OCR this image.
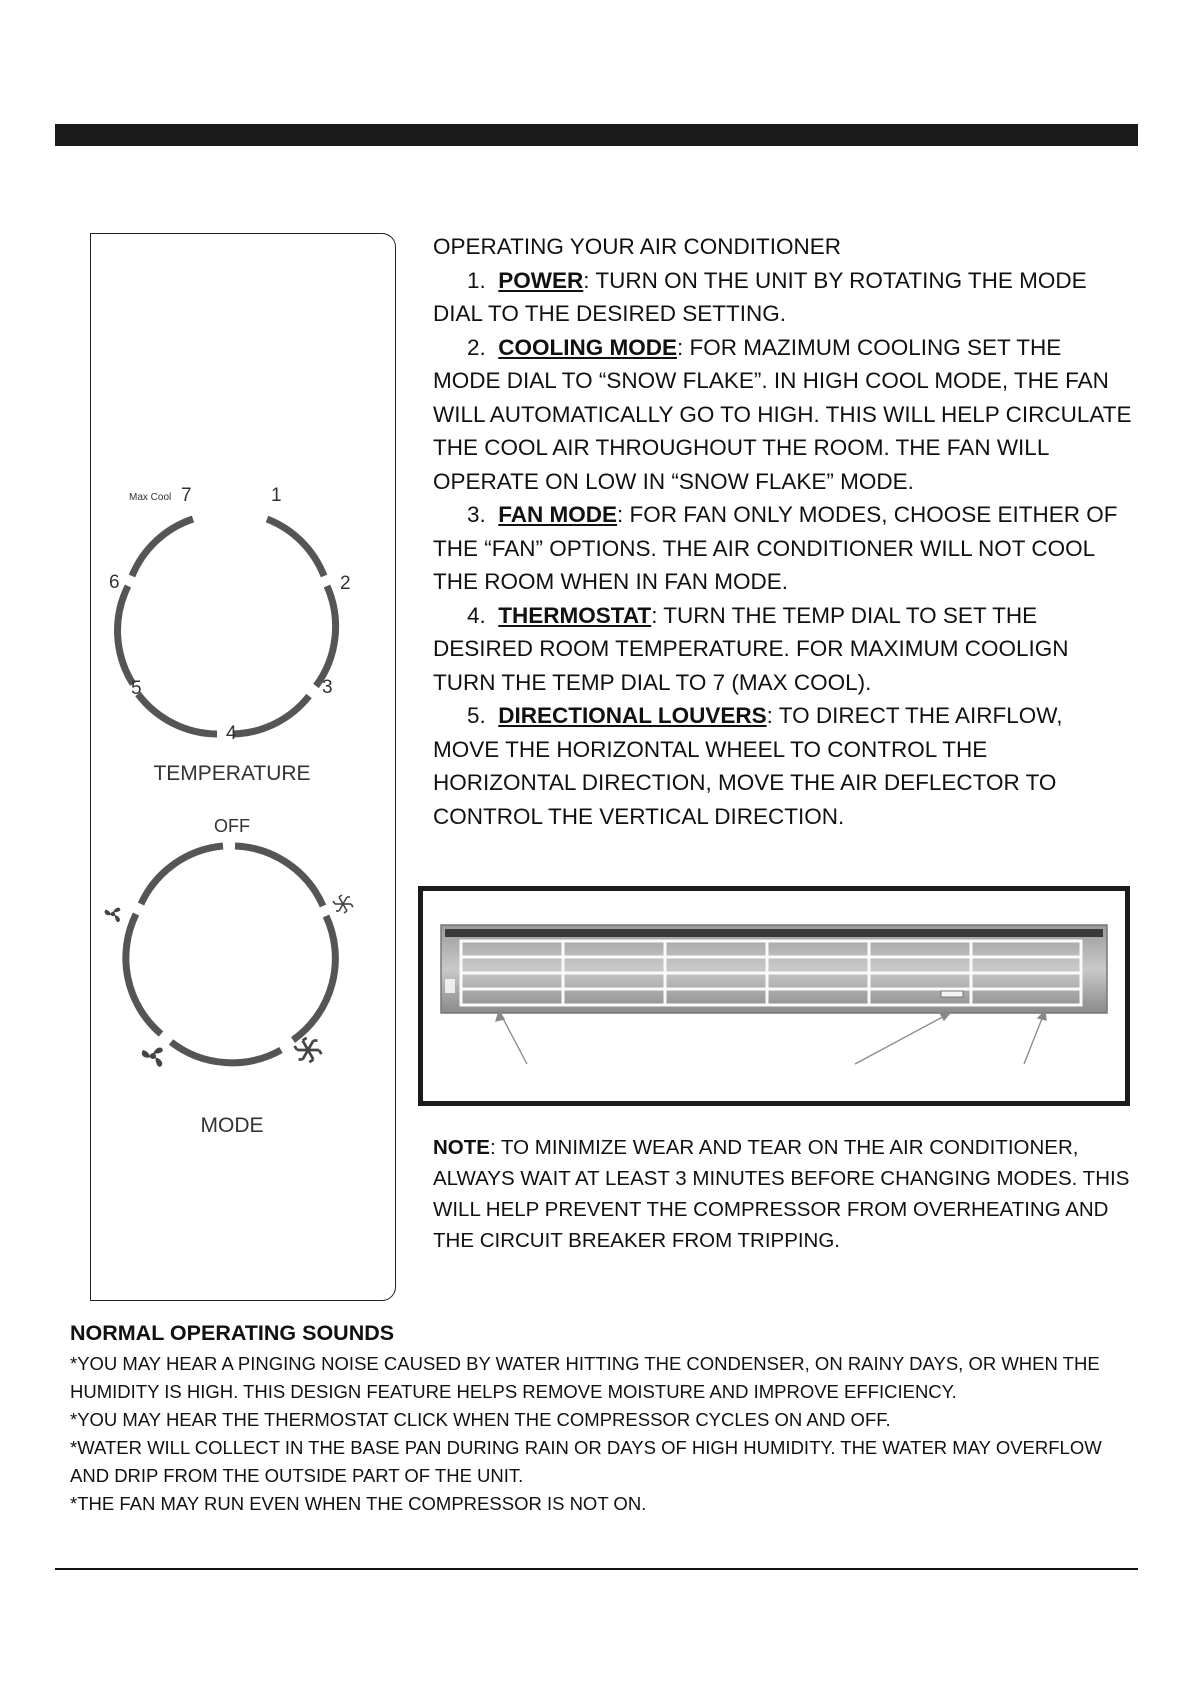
Max Cool	1
2
3
4
5
6
7
TEMPERATURE
OFF
MODE

OPERATING YOUR AIR CONDITIONER

1. POWER: TURN ON THE UNIT BY ROTATING THE MODE DIAL TO THE DESIRED SETTING.

2. COOLING MODE: FOR MAZIMUM COOLING SET THE MODE DIAL TO “SNOW FLAKE”. IN HIGH COOL MODE, THE FAN WILL AUTOMATICALLY GO TO HIGH. THIS WILL HELP CIRCULATE THE COOL AIR THROUGHOUT THE ROOM. THE FAN WILL OPERATE ON LOW IN “SNOW FLAKE” MODE.

3. FAN MODE: FOR FAN ONLY MODES, CHOOSE EITHER OF THE “FAN” OPTIONS. THE AIR CONDITIONER WILL NOT COOL THE ROOM WHEN IN FAN MODE.

4. THERMOSTAT: TURN THE TEMP DIAL TO SET THE DESIRED ROOM TEMPERATURE. FOR MAXIMUM COOLIGN TURN THE TEMP DIAL TO 7 (MAX COOL).

5. DIRECTIONAL LOUVERS: TO DIRECT THE AIRFLOW, MOVE THE HORIZONTAL WHEEL TO CONTROL THE HORIZONTAL DIRECTION, MOVE THE AIR DEFLECTOR TO CONTROL THE VERTICAL DIRECTION.

NOTE: TO MINIMIZE WEAR AND TEAR ON THE AIR CONDITIONER, ALWAYS WAIT AT LEAST 3 MINUTES BEFORE CHANGING MODES. THIS WILL HELP PREVENT THE COMPRESSOR FROM OVERHEATING AND THE CIRCUIT BREAKER FROM TRIPPING.
NORMAL OPERATING SOUNDS

*YOU MAY HEAR A PINGING NOISE CAUSED BY WATER HITTING THE CONDENSER, ON RAINY DAYS, OR WHEN THE HUMIDITY IS HIGH. THIS DESIGN FEATURE HELPS REMOVE MOISTURE AND IMPROVE EFFICIENCY.

*YOU MAY HEAR THE THERMOSTAT CLICK WHEN THE COMPRESSOR CYCLES ON AND OFF.

*WATER WILL COLLECT IN THE BASE PAN DURING RAIN OR DAYS OF HIGH HUMIDITY. THE WATER MAY OVERFLOW AND DRIP FROM THE OUTSIDE PART OF THE UNIT.

*THE FAN MAY RUN EVEN WHEN THE COMPRESSOR IS NOT ON.
